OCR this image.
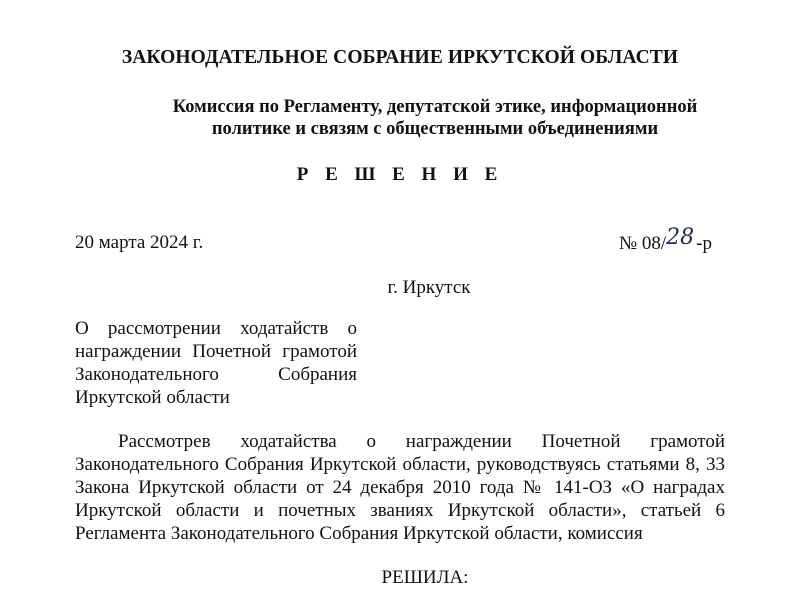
ЗАКОНОДАТЕЛЬНОЕ СОБРАНИЕ ИРКУТСКОЙ ОБЛАСТИ
Комиссия по Регламенту, депутатской этике, информационной
политике и связям с общественными объединениями
Р Е Ш Е Н И Е
20 марта 2024 г.	№ 08/28 -р
г. Иркутск
О рассмотрении ходатайств о награждении Почетной грамотой Законодательного Собрания Иркутской области
Рассмотрев ходатайства о награждении Почетной грамотой Законодательного Собрания Иркутской области, руководствуясь статьями 8, 33 Закона Иркутской области от 24 декабря 2010 года № 141-ОЗ «О наградах Иркутской области и почетных званиях Иркутской области», статьей 6 Регламента Законодательного Собрания Иркутской области, комиссия
РЕШИЛА:
